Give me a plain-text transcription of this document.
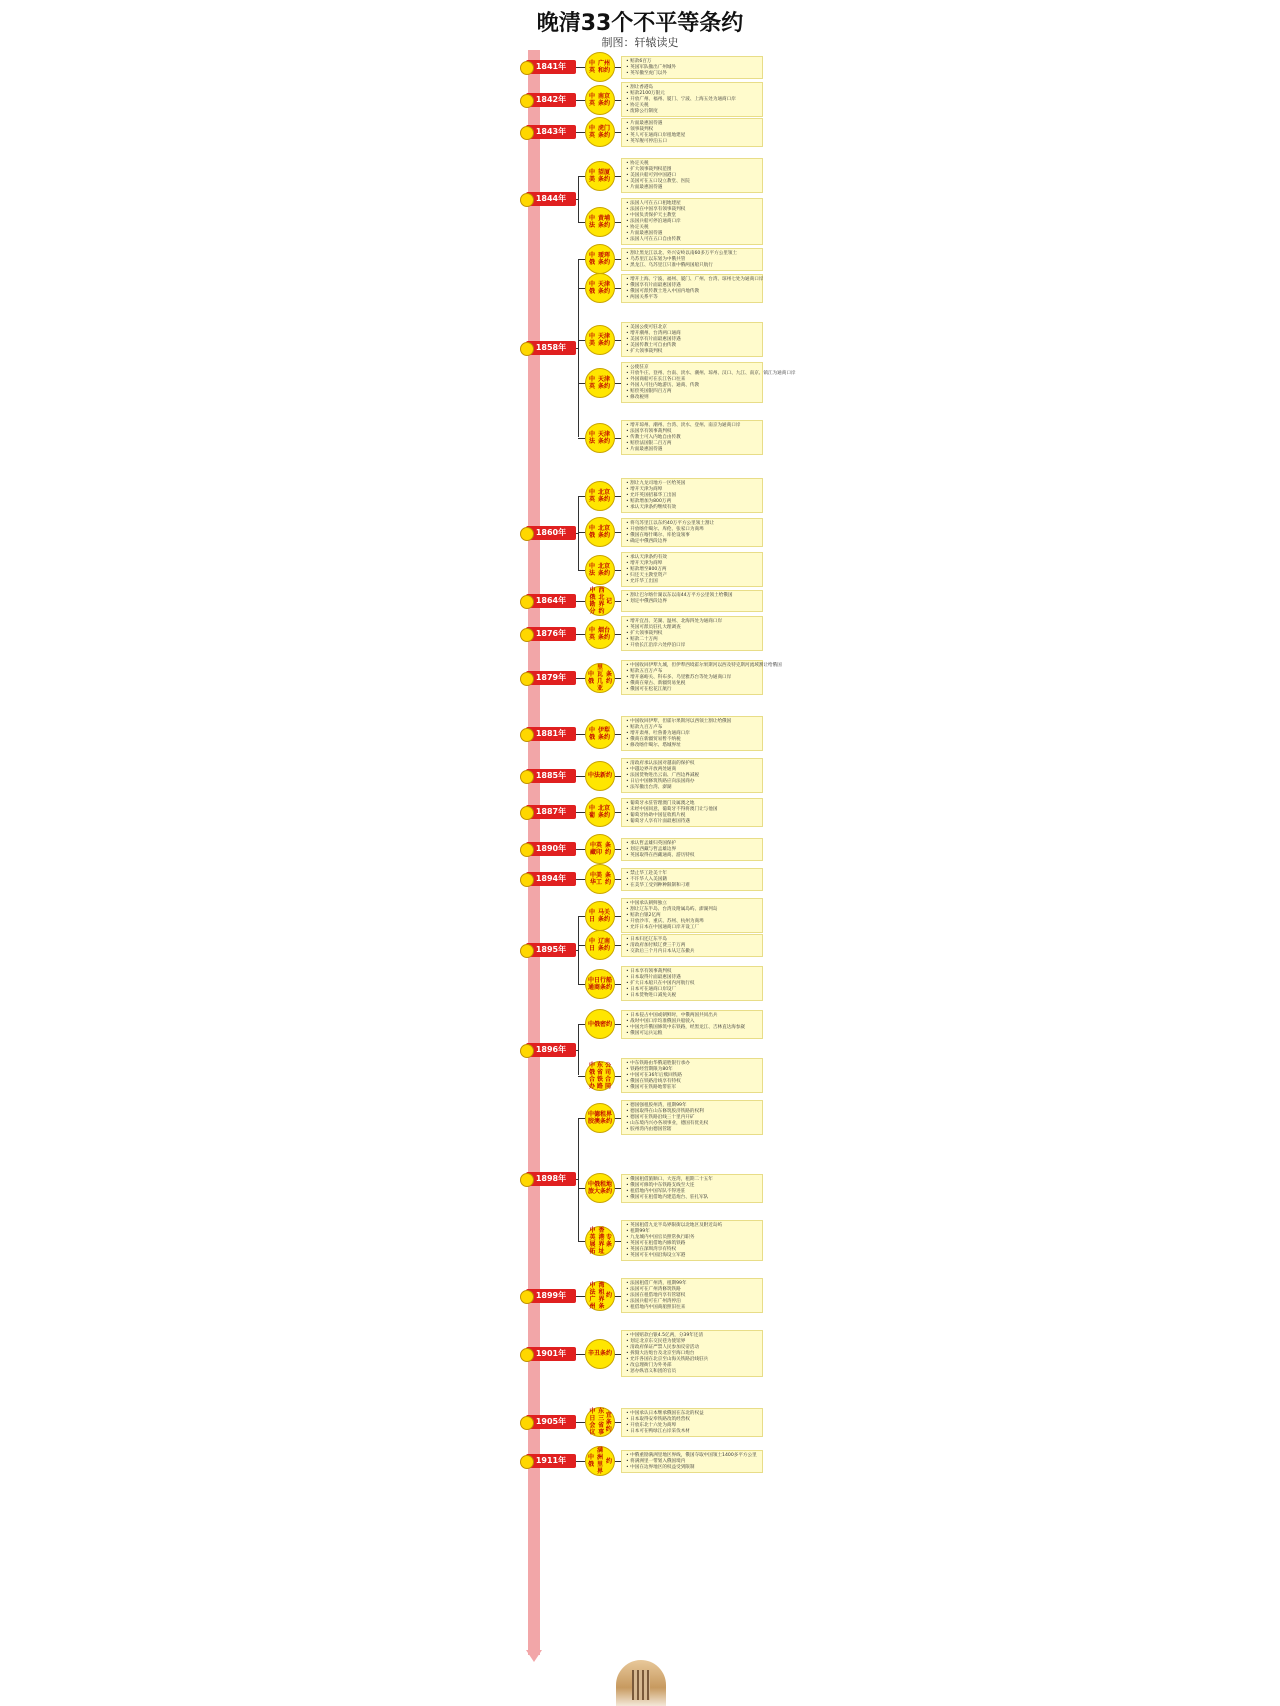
晚清33个不平等条约
制图：轩辕读史
• 赔款6百万
• 英国军队撤出广州城外
• 英军撤至虎门以外
中英

广州和约
1841年
• 割让香港岛
• 赔款2100万银元
• 开放广州、福州、厦门、宁波、上海五处为通商口岸
• 协定关税
• 废除公行制度
中英

南京条约
1842年
• 片面最惠国待遇
• 领事裁判权
• 英人可在通商口岸租地建屋
• 英军舰可停泊五口
中英

虎门条约
1843年
• 协定关税
• 扩大领事裁判权范围
• 美国兵船可到中国港口
• 美国可在五口设立教堂、医院
• 片面最惠国待遇
中美

望厦条约
• 法国人可在五口租地建屋
• 法国在中国享有领事裁判权
• 中国负责保护天主教堂
• 法国兵船可停泊通商口岸
• 协定关税
• 片面最惠国待遇
• 法国人可在五口自由传教
中法

黄埔条约
1844年
• 割让黑龙江以北、外兴安岭以南60多万平方公里领土
• 乌苏里江以东划为中俄共管
• 黑龙江、乌苏里江只准中俄两国船只航行
中俄

瑷珲条约
• 增开上海、宁波、福州、厦门、广州、台湾、琼州七处为通商口岸
• 俄国享有片面最惠国待遇
• 俄国可派传教士进入中国内地传教
• 两国关系平等
中俄

天津条约
• 美国公使可驻北京
• 增开潮州、台湾两口通商
• 美国享有片面最惠国待遇
• 美国传教士可自由传教
• 扩大领事裁判权
中美

天津条约
• 公使驻京
• 开放牛庄、登州、台南、淡水、潮州、琼州、汉口、九江、南京、镇江为通商口岸
• 外国商船可在长江各口往来
• 外国人可往内地游历、通商、传教
• 赔偿英国银四百万两
• 修改税则
中英

天津条约
• 增开琼州、潮州、台湾、淡水、登州、南京为通商口岸
• 法国享有领事裁判权
• 传教士可入内地自由传教
• 赔偿法国银二百万两
• 片面最惠国待遇
中法

天津条约
1858年
• 割让九龙司地方一区给英国
• 增开天津为商埠
• 允许英国招募华工出国
• 赔款增加为800万两
• 承认天津条约继续有效
中英

北京条约
• 将乌苏里江以东约40万平方公里领土割让
• 开放喀什噶尔、库伦、张家口为商埠
• 俄国在喀什噶尔、库伦设领事
• 确定中俄西段边界
中俄

北京条约
• 承认天津条约有效
• 增开天津为商埠
• 赔款增至800万两
• 归还天主教堂资产
• 允许华工出国
中法

北京条约
1860年
• 割让巴尔喀什湖以东以南44万平方公里领土给俄国
• 划定中俄西段边界
中俄勘分

西北界约

记
1864年
• 增开宜昌、芜湖、温州、北海四处为通商口岸
• 英国可派员驻扎大理调查
• 扩大领事裁判权
• 赔款二十万两
• 开放长江沿岸六处停泊口岸
中英

烟台条约
1876年
• 中国收回伊犁九城，但伊犁西境霍尔果斯河以西及特克斯河流域割让给俄国
• 赔款五百万卢布
• 增开嘉峪关、科布多、乌里雅苏台等处为通商口岸
• 俄商在蒙古、新疆贸易免税
• 俄国可在松花江航行
中俄

里瓦几亚

条约
1879年
• 中国收回伊犁，但霍尔果斯河以西领土割让给俄国
• 赔款九百万卢布
• 增开肃州、吐鲁番为通商口岸
• 俄商在新疆贸易暂不纳税
• 修改喀什噶尔、塔城界址
中俄

伊犁条约
1881年
• 清政府承认法国对越南的保护权
• 中越边界开放两处通商
• 法国货物进出云南、广西边界减税
• 日后中国修筑铁路应向法国商办
• 法军撤出台湾、澎湖
中法新约
1885年
• 葡萄牙永驻管理澳门及属澳之地
• 未经中国同意，葡萄牙不得将澳门让与他国
• 葡萄牙协助中国征收鸦片税
• 葡萄牙人享有片面最惠国待遇
中葡

北京条约
1887年
• 承认哲孟雄归英国保护
• 划定西藏与哲孟雄边界
• 英国取得在西藏通商、游历特权
中英藏印

条约
1890年
• 禁止华工赴美十年
• 不许华人入美国籍
• 在美华工受到种种限制和刁难
中美华工

条约
1894年
• 中国承认朝鲜独立
• 割让辽东半岛、台湾及附属岛屿、澎湖列岛
• 赔款白银2亿两
• 开放沙市、重庆、苏州、杭州为商埠
• 允许日本在中国通商口岸开设工厂
中日

马关条约
• 日本归还辽东半岛
• 清政府加付赎辽费三千万两
• 交款后三个月内日本从辽东撤兵
中日

辽南条约
• 日本享有领事裁判权
• 日本取得片面最惠国待遇
• 扩大日本船只在中国内河航行权
• 日本可在通商口岸设厂
• 日本货物进口减免关税
中日通商

行船条约
1895年
• 日本侵占中国或朝鲜时，中俄两国共同出兵
• 战时中国口岸均准俄国兵船驶入
• 中国允许俄国修筑中东铁路，经黑龙江、吉林直达海参崴
• 俄国可运兵运粮
中俄密约
• 中东铁路由华俄道胜银行承办
• 铁路经营期限为80年
• 中国可在36年后赎回铁路
• 俄国在铁路沿线享有特权
• 俄国可在铁路地带驻军
中俄合办

东省铁路

公司合同
1896年
• 德国强租胶州湾，租期99年
• 德国取得在山东修筑胶济铁路的权利
• 德国可在铁路沿线三十里内开矿
• 山东境内兴办各项事业，德国有优先权
• 胶州湾内由德国管辖
中德胶澳

租界条约
• 俄国租借旅顺口、大连湾，租期二十五年
• 俄国可修筑中东铁路支线至大连
• 租借地内中国军队不得进驻
• 俄国可在租借地内建造炮台、驻扎军队
中俄旅大

租地条约
• 英国租借九龙半岛界限街以北地区及附近岛屿
• 租期99年
• 九龙城内中国官员照常执行职务
• 英国可在租借地内修筑铁路
• 英国在深圳湾享有特权
• 英国可在中国沿海设立军港
中英展拓

香港界址

专条
1898年
• 法国租借广州湾，租期99年
• 法国可在广州湾修筑铁路
• 法国在租借地内享有管辖权
• 法国兵船可在广州湾停泊
• 租借地内中国商船照旧往来
中法广州

湾租界条

约
1899年
• 中国赔款白银4.5亿两，分39年还清
• 划定北京东交民巷为使馆界
• 清政府保证严禁人民参加反帝活动
• 拆毁大沽炮台及北京至海口炮台
• 允许各国在北京至山海关铁路沿线驻兵
• 改总理衙门为外务部
• 惩办纵容义和团的官员
辛丑条约
1901年
• 中国承认日本继承俄国在东北的权益
• 日本取得安奉铁路改筑经营权
• 开放东北十六处为商埠
• 日本可在鸭绿江右岸采伐木材
中日会议

东三省事

宜条约
1905年
• 中俄重勘满洲里地区界线，俄国夺取中国领土1400多平方公里
• 将满洲里一带划入俄国境内
• 中国在边界地区的权益受到限制
中俄

满洲里界

约
1911年
